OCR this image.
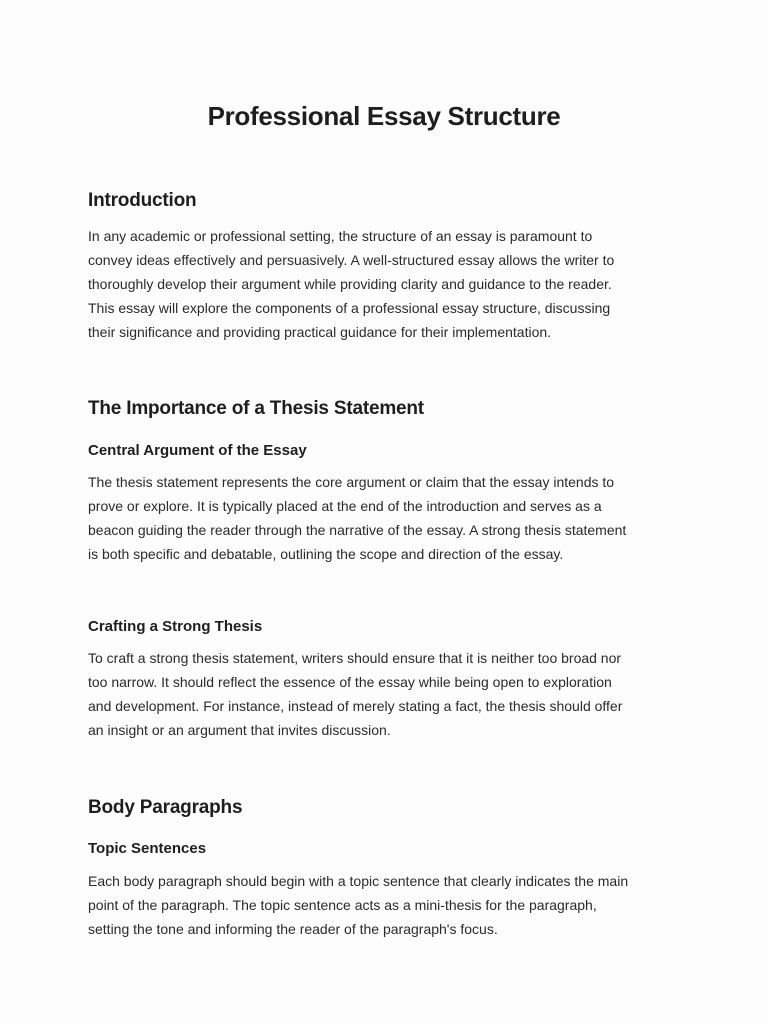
Professional Essay Structure
Introduction

In any academic or professional setting, the structure of an essay is paramount to
convey ideas effectively and persuasively. A well-structured essay allows the writer to
thoroughly develop their argument while providing clarity and guidance to the reader.
This essay will explore the components of a professional essay structure, discussing
their significance and providing practical guidance for their implementation.

The Importance of a Thesis Statement
Central Argument of the Essay

The thesis statement represents the core argument or claim that the essay intends to
prove or explore. It is typically placed at the end of the introduction and serves as a
beacon guiding the reader through the narrative of the essay. A strong thesis statement
is both specific and debatable, outlining the scope and direction of the essay.

Crafting a Strong Thesis

To craft a strong thesis statement, writers should ensure that it is neither too broad nor
too narrow. It should reflect the essence of the essay while being open to exploration
and development. For instance, instead of merely stating a fact, the thesis should offer
an insight or an argument that invites discussion.

Body Paragraphs
Topic Sentences

Each body paragraph should begin with a topic sentence that clearly indicates the main
point of the paragraph. The topic sentence acts as a mini-thesis for the paragraph,
setting the tone and informing the reader of the paragraph's focus.
